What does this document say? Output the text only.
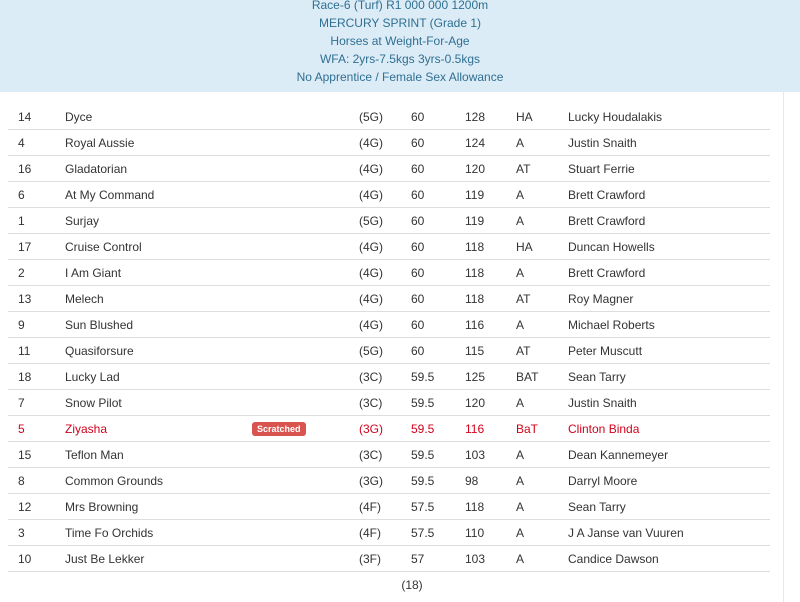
Race-6 (Turf) R1 000 000 1200m
MERCURY SPRINT (Grade 1)
Horses at Weight-For-Age
WFA: 2yrs-7.5kgs 3yrs-0.5kgs
No Apprentice / Female Sex Allowance
14	Dyce		(5G)	60	128	HA	Lucky Houdalakis
4	Royal Aussie		(4G)	60	124	A	Justin Snaith
16	Gladatorian		(4G)	60	120	AT	Stuart Ferrie
6	At My Command		(4G)	60	119	A	Brett Crawford
1	Surjay		(5G)	60	119	A	Brett Crawford
17	Cruise Control		(4G)	60	118	HA	Duncan Howells
2	I Am Giant		(4G)	60	118	A	Brett Crawford
13	Melech		(4G)	60	118	AT	Roy Magner
9	Sun Blushed		(4G)	60	116	A	Michael Roberts
11	Quasiforsure		(5G)	60	115	AT	Peter Muscutt
18	Lucky Lad		(3C)	59.5	125	BAT	Sean Tarry
7	Snow Pilot		(3C)	59.5	120	A	Justin Snaith
5	Ziyasha	Scratched	(3G)	59.5	116	BaT	Clinton Binda
15	Teflon Man		(3C)	59.5	103	A	Dean Kannemeyer
8	Common Grounds		(3G)	59.5	98	A	Darryl Moore
12	Mrs Browning		(4F)	57.5	118	A	Sean Tarry
3	Time Fo Orchids		(4F)	57.5	110	A	J A Janse van Vuuren
10	Just Be Lekker		(3F)	57	103	A	Candice Dawson
			(18)				
